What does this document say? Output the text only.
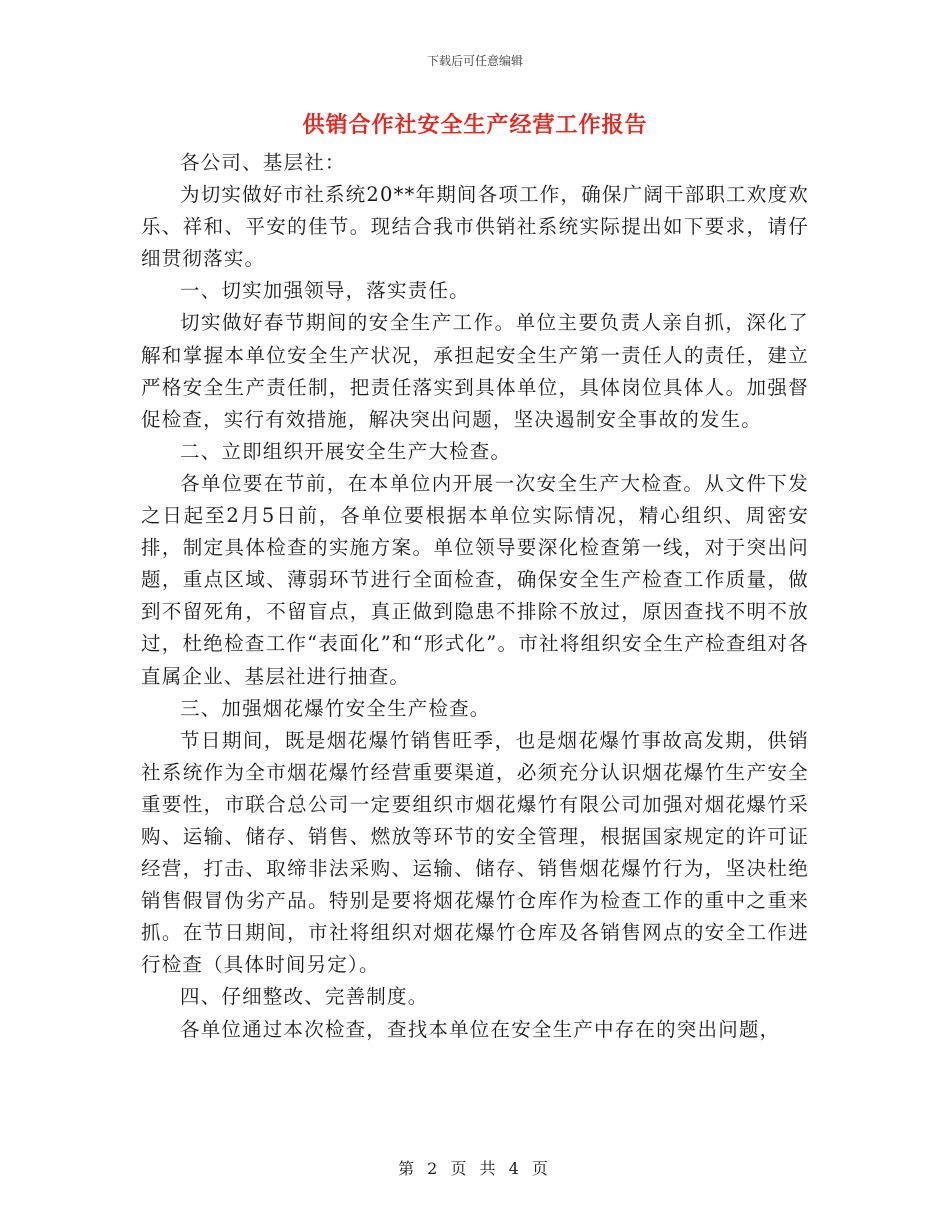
下载后可任意编辑
供销合作社安全生产经营工作报告

各公司、基层社：

为切实做好市社系统20**年期间各项工作，确保广阔干部职工欢度欢乐、祥和、平安的佳节。现结合我市供销社系统实际提出如下要求，请仔细贯彻落实。

一、切实加强领导，落实责任。

切实做好春节期间的安全生产工作。单位主要负责人亲自抓，深化了解和掌握本单位安全生产状况，承担起安全生产第一责任人的责任，建立严格安全生产责任制，把责任落实到具体单位，具体岗位具体人。加强督促检查，实行有效措施，解决突出问题，坚决遏制安全事故的发生。

二、立即组织开展安全生产大检查。

各单位要在节前，在本单位内开展一次安全生产大检查。从文件下发之日起至2月5日前，各单位要根据本单位实际情况，精心组织、周密安排，制定具体检查的实施方案。单位领导要深化检查第一线，对于突出问题，重点区域、薄弱环节进行全面检查，确保安全生产检查工作质量，做到不留死角，不留盲点，真正做到隐患不排除不放过，原因查找不明不放过，杜绝检查工作“表面化”和“形式化”。市社将组织安全生产检查组对各直属企业、基层社进行抽查。

三、加强烟花爆竹安全生产检查。

节日期间，既是烟花爆竹销售旺季，也是烟花爆竹事故高发期，供销社系统作为全市烟花爆竹经营重要渠道，必须充分认识烟花爆竹生产安全重要性，市联合总公司一定要组织市烟花爆竹有限公司加强对烟花爆竹采购、运输、储存、销售、燃放等环节的安全管理，根据国家规定的许可证经营，打击、取缔非法采购、运输、储存、销售烟花爆竹行为，坚决杜绝销售假冒伪劣产品。特别是要将烟花爆竹仓库作为检查工作的重中之重来抓。在节日期间，市社将组织对烟花爆竹仓库及各销售网点的安全工作进行检查（具体时间另定）。

四、仔细整改、完善制度。

各单位通过本次检查，查找本单位在安全生产中存在的突出问题，

第 2 页 共 4 页
